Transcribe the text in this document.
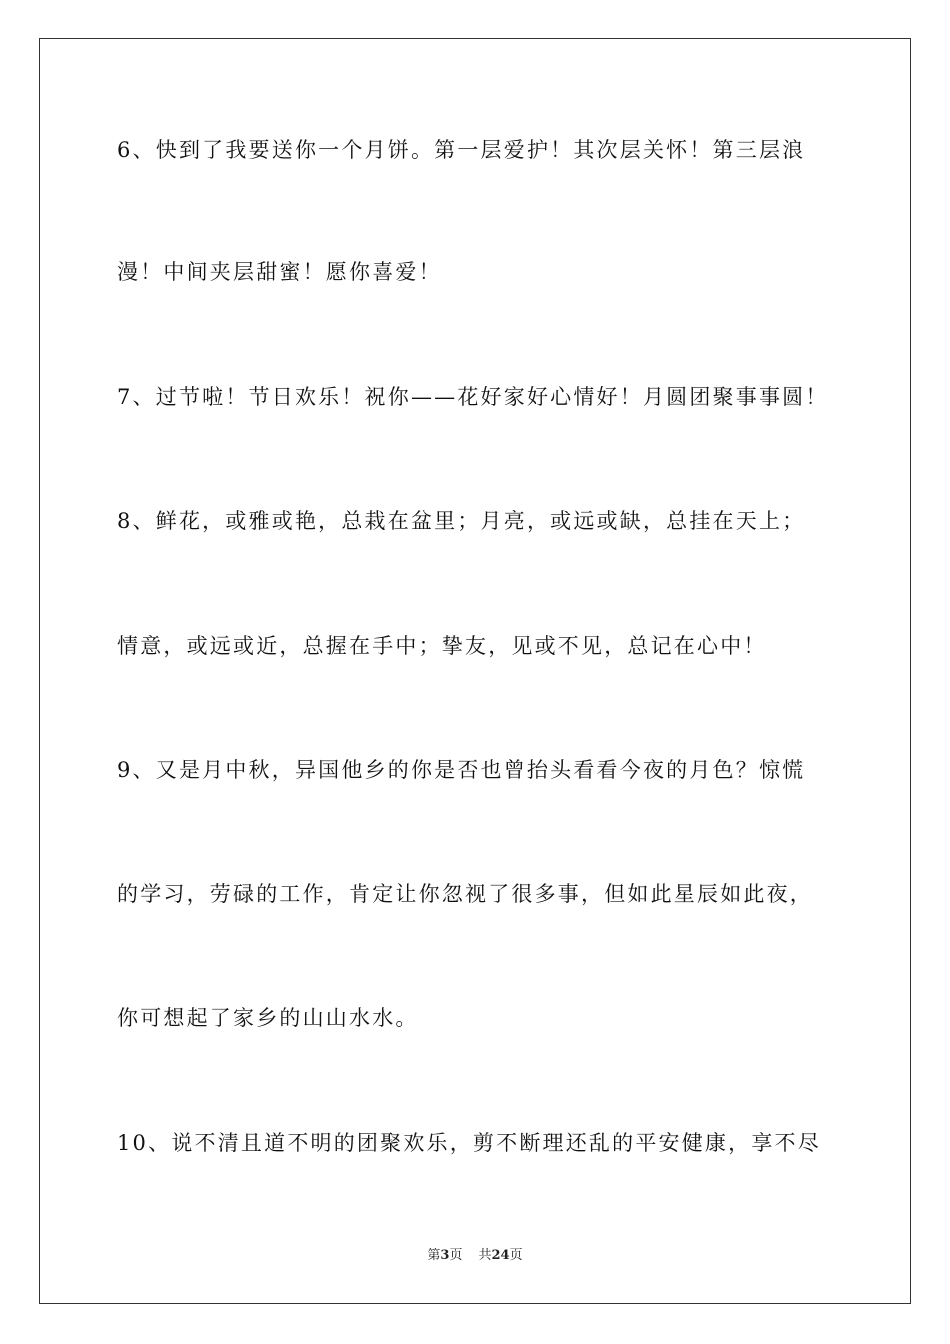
6、快到了我要送你一个月饼。第一层爱护！其次层关怀！第三层浪

漫！中间夹层甜蜜！愿你喜爱！

7、过节啦！节日欢乐！祝你——花好家好心情好！月圆团聚事事圆！

8、鲜花，或雅或艳，总栽在盆里；月亮，或远或缺，总挂在天上；

情意，或远或近，总握在手中；挚友，见或不见，总记在心中！

9、又是月中秋，异国他乡的你是否也曾抬头看看今夜的月色？惊慌

的学习，劳碌的工作，肯定让你忽视了很多事，但如此星辰如此夜，

你可想起了家乡的山山水水。

10、说不清且道不明的团聚欢乐，剪不断理还乱的平安健康，享不尽

第3页 共24页
